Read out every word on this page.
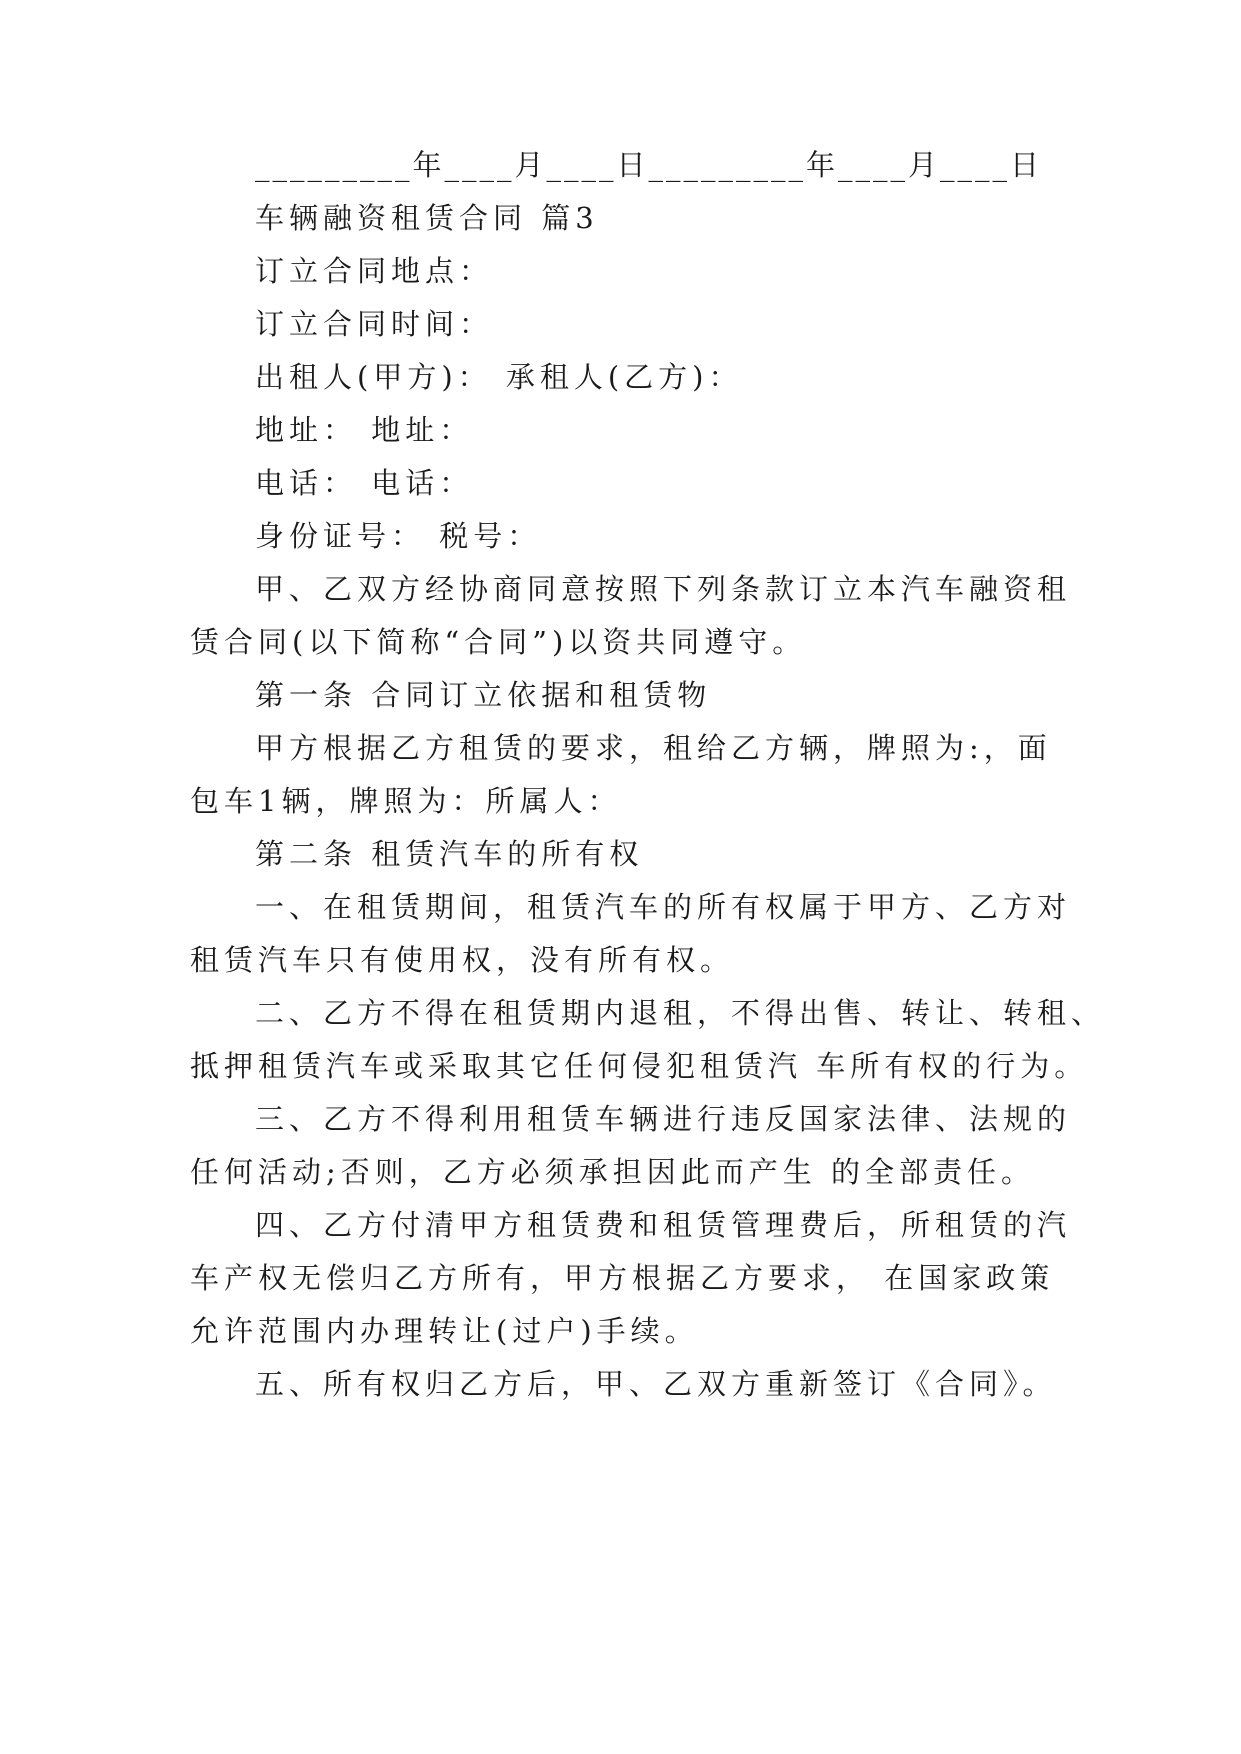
_________年____月____日_________年____月____日
车辆融资租赁合同 篇3
订立合同地点：
订立合同时间：
出租人(甲方)： 承租人(乙方)：
地址： 地址：
电话： 电话：
身份证号： 税号：
甲、乙双方经协商同意按照下列条款订立本汽车融资租
赁合同(以下简称“合同”)以资共同遵守。
第一条 合同订立依据和租赁物
甲方根据乙方租赁的要求，租给乙方辆，牌照为:，面
包车1辆，牌照为：所属人：
第二条 租赁汽车的所有权
一、在租赁期间，租赁汽车的所有权属于甲方、乙方对
租赁汽车只有使用权，没有所有权。
二、乙方不得在租赁期内退租，不得出售、转让、转租、
抵押租赁汽车或采取其它任何侵犯租赁汽 车所有权的行为。
三、乙方不得利用租赁车辆进行违反国家法律、法规的
任何活动;否则，乙方必须承担因此而产生 的全部责任。
四、乙方付清甲方租赁费和租赁管理费后，所租赁的汽
车产权无偿归乙方所有，甲方根据乙方要求， 在国家政策
允许范围内办理转让(过户)手续。
五、所有权归乙方后，甲、乙双方重新签订《合同》。
